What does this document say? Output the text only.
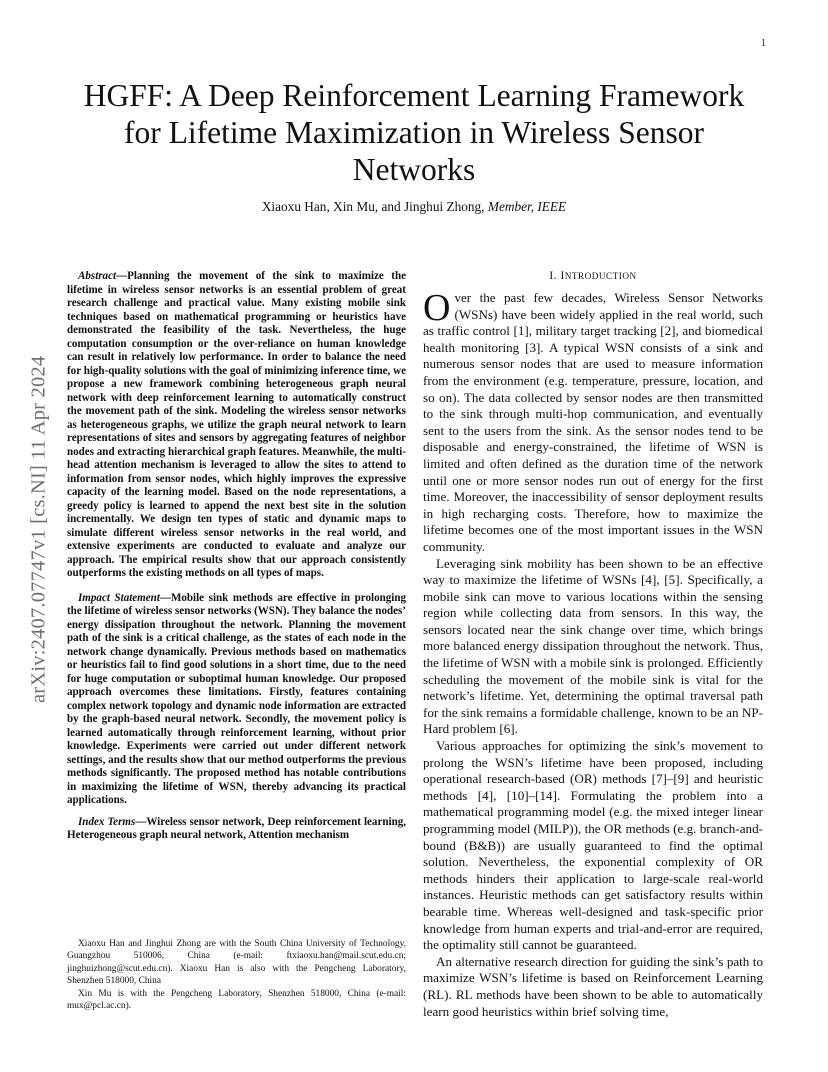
1
arXiv:2407.07747v1 [cs.NI] 11 Apr 2024
HGFF: A Deep Reinforcement Learning Framework for Lifetime Maximization in Wireless Sensor Networks
Xiaoxu Han, Xin Mu, and Jinghui Zhong, Member, IEEE

Abstract—Planning the movement of the sink to maximize the lifetime in wireless sensor networks is an essential problem of great research challenge and practical value. Many existing mobile sink techniques based on mathematical programming or heuristics have demonstrated the feasibility of the task. Nevertheless, the huge computation consumption or the over-reliance on human knowledge can result in relatively low performance. In order to balance the need for high-quality solutions with the goal of minimizing inference time, we propose a new framework combining heterogeneous graph neural network with deep reinforcement learning to automatically construct the movement path of the sink. Modeling the wireless sensor networks as heterogeneous graphs, we utilize the graph neural network to learn representations of sites and sensors by aggregating features of neighbor nodes and extracting hierarchical graph features. Meanwhile, the multi-head attention mechanism is leveraged to allow the sites to attend to information from sensor nodes, which highly improves the expressive capacity of the learning model. Based on the node representations, a greedy policy is learned to append the next best site in the solution incrementally. We design ten types of static and dynamic maps to simulate different wireless sensor networks in the real world, and extensive experiments are conducted to evaluate and analyze our approach. The empirical results show that our approach consistently outperforms the existing methods on all types of maps.

Impact Statement—Mobile sink methods are effective in prolonging the lifetime of wireless sensor networks (WSN). They balance the nodes’ energy dissipation throughout the network. Planning the movement path of the sink is a critical challenge, as the states of each node in the network change dynamically. Previous methods based on mathematics or heuristics fail to find good solutions in a short time, due to the need for huge computation or suboptimal human knowledge. Our proposed approach overcomes these limitations. Firstly, features containing complex network topology and dynamic node information are extracted by the graph-based neural network. Secondly, the movement policy is learned automatically through reinforcement learning, without prior knowledge. Experiments were carried out under different network settings, and the results show that our method outperforms the previous methods significantly. The proposed method has notable contributions in maximizing the lifetime of WSN, thereby advancing its practical applications.

Index Terms—Wireless sensor network, Deep reinforcement learning, Heterogeneous graph neural network, Attention mechanism

Xiaoxu Han and Jinghui Zhong are with the South China University of Technology, Guangzhou 510006, China (e-mail: ftxiaoxu.han@mail.scut.edu.cn; jinghuizhong@scut.edu.cn). Xiaoxu Han is also with the Pengcheng Laboratory, Shenzhen 518000, China

Xin Mu is with the Pengcheng Laboratory, Shenzhen 518000, China (e-mail: mux@pcl.ac.cn).

I. INTRODUCTION

Over the past few decades, Wireless Sensor Networks (WSNs) have been widely applied in the real world, such as traffic control [1], military target tracking [2], and biomedical health monitoring [3]. A typical WSN consists of a sink and numerous sensor nodes that are used to measure information from the environment (e.g. temperature, pressure, location, and so on). The data collected by sensor nodes are then transmitted to the sink through multi-hop communication, and eventually sent to the users from the sink. As the sensor nodes tend to be disposable and energy-constrained, the lifetime of WSN is limited and often defined as the duration time of the network until one or more sensor nodes run out of energy for the first time. Moreover, the inaccessibility of sensor deployment results in high recharging costs. Therefore, how to maximize the lifetime becomes one of the most important issues in the WSN community.

Leveraging sink mobility has been shown to be an effective way to maximize the lifetime of WSNs [4], [5]. Specifically, a mobile sink can move to various locations within the sensing region while collecting data from sensors. In this way, the sensors located near the sink change over time, which brings more balanced energy dissipation throughout the network. Thus, the lifetime of WSN with a mobile sink is prolonged. Efficiently scheduling the movement of the mobile sink is vital for the network’s lifetime. Yet, determining the optimal traversal path for the sink remains a formidable challenge, known to be an NP-Hard problem [6].

Various approaches for optimizing the sink’s movement to prolong the WSN’s lifetime have been proposed, including operational research-based (OR) methods [7]–[9] and heuristic methods [4], [10]–[14]. Formulating the problem into a mathematical programming model (e.g. the mixed integer linear programming model (MILP)), the OR methods (e.g. branch-and-bound (B&B)) are usually guaranteed to find the optimal solution. Nevertheless, the exponential complexity of OR methods hinders their application to large-scale real-world instances. Heuristic methods can get satisfactory results within bearable time. Whereas well-designed and task-specific prior knowledge from human experts and trial-and-error are required, the optimality still cannot be guaranteed.

An alternative research direction for guiding the sink’s path to maximize WSN’s lifetime is based on Reinforcement Learning (RL). RL methods have been shown to be able to automatically learn good heuristics within brief solving time,
